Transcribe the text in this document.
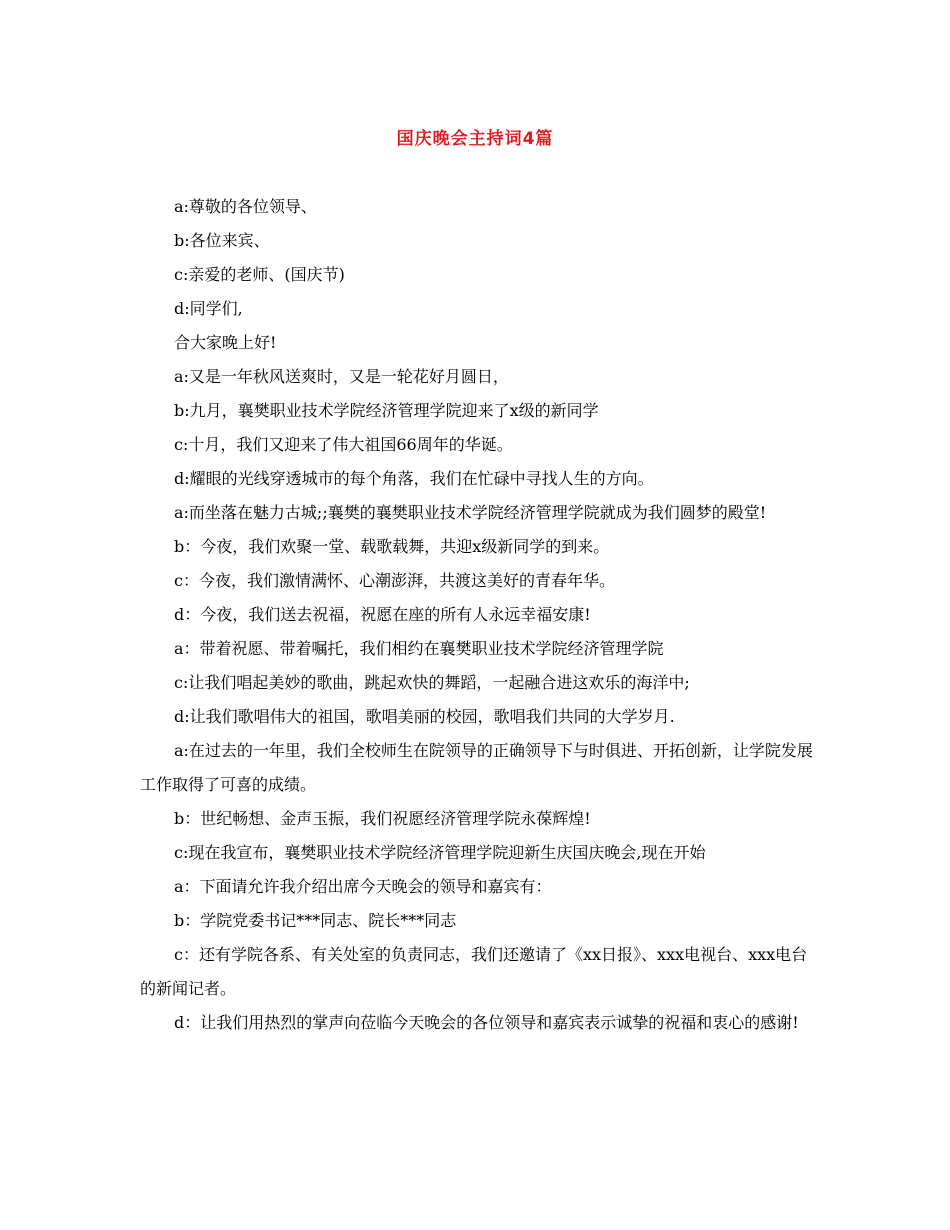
国庆晚会主持词4篇

a:尊敬的各位领导、

b:各位来宾、

c:亲爱的老师、(国庆节)

d:同学们,

合大家晚上好!

a:又是一年秋风送爽时，又是一轮花好月圆日，

b:九月，襄樊职业技术学院经济管理学院迎来了x级的新同学

c:十月，我们又迎来了伟大祖国66周年的华诞。

d:耀眼的光线穿透城市的每个角落，我们在忙碌中寻找人生的方向。

a:而坐落在魅力古城;;襄樊的襄樊职业技术学院经济管理学院就成为我们圆梦的殿堂!

b：今夜，我们欢聚一堂、载歌载舞，共迎x级新同学的到来。

c：今夜，我们激情满怀、心潮澎湃，共渡这美好的青春年华。

d：今夜，我们送去祝福，祝愿在座的所有人永远幸福安康!

a：带着祝愿、带着嘱托，我们相约在襄樊职业技术学院经济管理学院

c:让我们唱起美妙的歌曲，跳起欢快的舞蹈，一起融合进这欢乐的海洋中;

d:让我们歌唱伟大的祖国，歌唱美丽的校园，歌唱我们共同的大学岁月.

a:在过去的一年里，我们全校师生在院领导的正确领导下与时俱进、开拓创新，让学院发展工作取得了可喜的成绩。

b：世纪畅想、金声玉振，我们祝愿经济管理学院永葆辉煌!

c:现在我宣布，襄樊职业技术学院经济管理学院迎新生庆国庆晚会,现在开始

a：下面请允许我介绍出席今天晚会的领导和嘉宾有：

b：学院党委书记***同志、院长***同志

c：还有学院各系、有关处室的负责同志，我们还邀请了《xx日报》、xxx电视台、xxx电台的新闻记者。

d：让我们用热烈的掌声向莅临今天晚会的各位领导和嘉宾表示诚挚的祝福和衷心的感谢!
